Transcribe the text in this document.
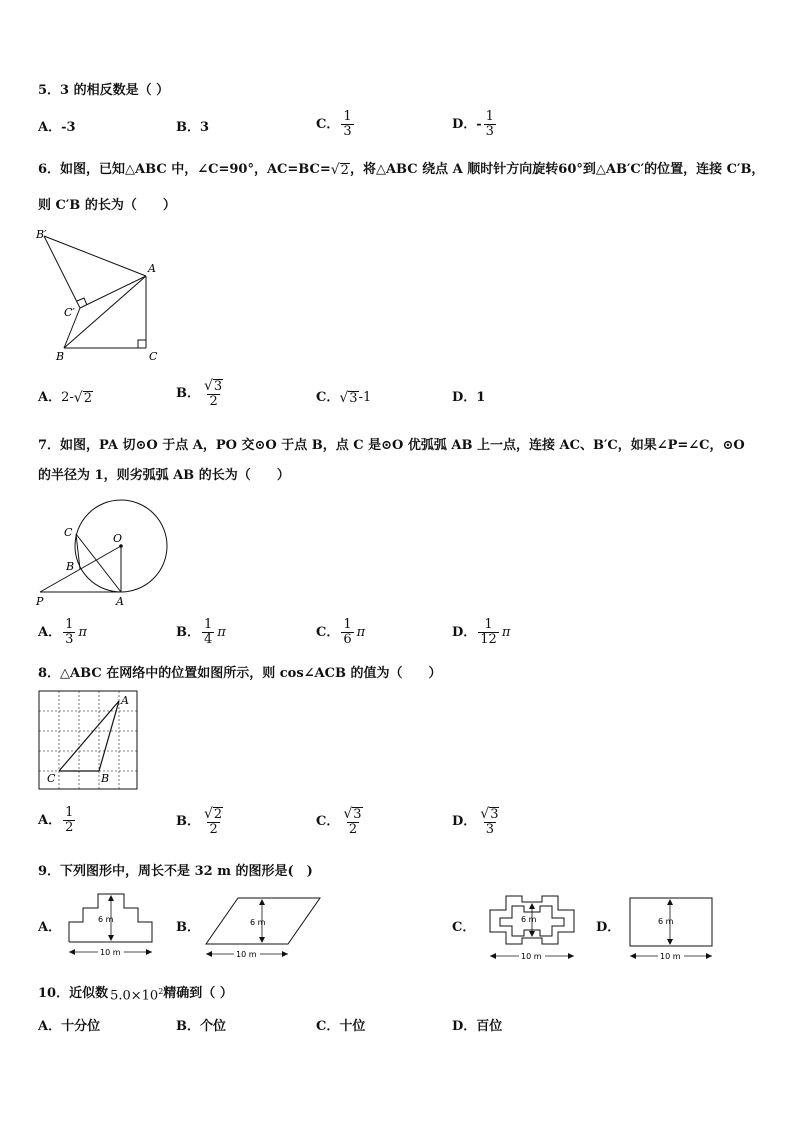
5．3 的相反数是（ ）
A．-3	B．3	C． $\frac{1}{3}$	D．- $\frac{1}{3}$
6．如图，已知△ABC 中，∠C=90°，AC=BC= √ 2 ，将△ABC 绕点 A 顺时针方向旋转60°到△AB′C′的位置，连接 C′B，
则 C′B 的长为（　　）
B′
A
C′
B	C
A． 2- √ 2	B． $\frac{√ 3}{2}$	C． √ 3 -1	D．1
7．如图，PA 切⊙O 于点 A，PO 交⊙O 于点 B，点 C 是⊙O 优弧弧 AB 上一点，连接 AC、B′C，如果∠P=∠C，⊙O
的半径为 1，则劣弧弧 AB 的长为（　　）
C	O
B
P	A
A． $\frac{1}{3}$ π	B． $\frac{1}{4}$ π	C． $\frac{1}{6}$ π	D． $\frac{1}{12}$ π
8．△ABC 在网络中的位置如图所示，则 cos∠ACB 的值为（　　）
A
C	B
A． $\frac{1}{2}$	B． $\frac{√ 2}{2}$	C． $\frac{√ 3}{2}$	D． $\frac{√ 3}{3}$
9．下列图形中，周长不是 32 m 的图形是(　)
A．
6 m
10 m
B．	6 m
10 m
C．
6 m
10 m
D．	6 m
10 m
10．近似数 $5.0\times 10^2$ 精确到（ ）
A．十分位	B．个位	C．十位	D．百位
